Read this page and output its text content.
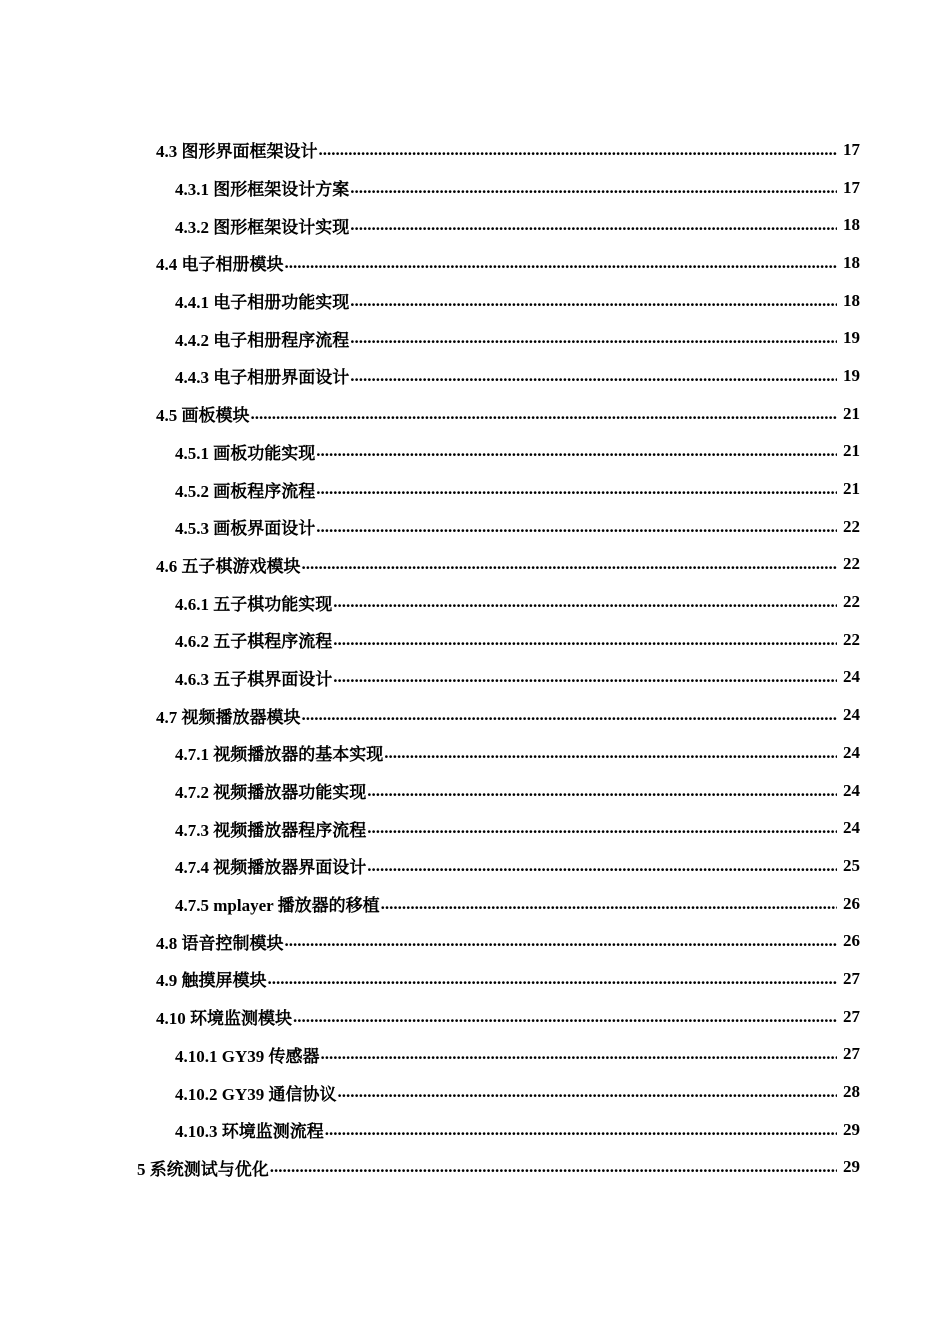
4.3 图形界面框架设计 .....	17
4.3.1 图形框架设计方案 .....	17
4.3.2 图形框架设计实现 .....	18
4.4 电子相册模块 .....	18
4.4.1 电子相册功能实现 .....	18
4.4.2 电子相册程序流程 .....	19
4.4.3 电子相册界面设计 .....	19
4.5 画板模块 .....	21
4.5.1 画板功能实现 .....	21
4.5.2 画板程序流程 .....	21
4.5.3 画板界面设计 .....	22
4.6 五子棋游戏模块 .....	22
4.6.1 五子棋功能实现 .....	22
4.6.2 五子棋程序流程 .....	22
4.6.3 五子棋界面设计 .....	24
4.7 视频播放器模块 .....	24
4.7.1 视频播放器的基本实现 .....	24
4.7.2 视频播放器功能实现 .....	24
4.7.3 视频播放器程序流程 .....	24
4.7.4 视频播放器界面设计 .....	25
4.7.5 mplayer 播放器的移植 .....	26
4.8 语音控制模块 .....	26
4.9 触摸屏模块 .....	27
4.10 环境监测模块 .....	27
4.10.1 GY39 传感器 .....	27
4.10.2 GY39 通信协议 .....	28
4.10.3 环境监测流程 .....	29
5 系统测试与优化 .....	29
